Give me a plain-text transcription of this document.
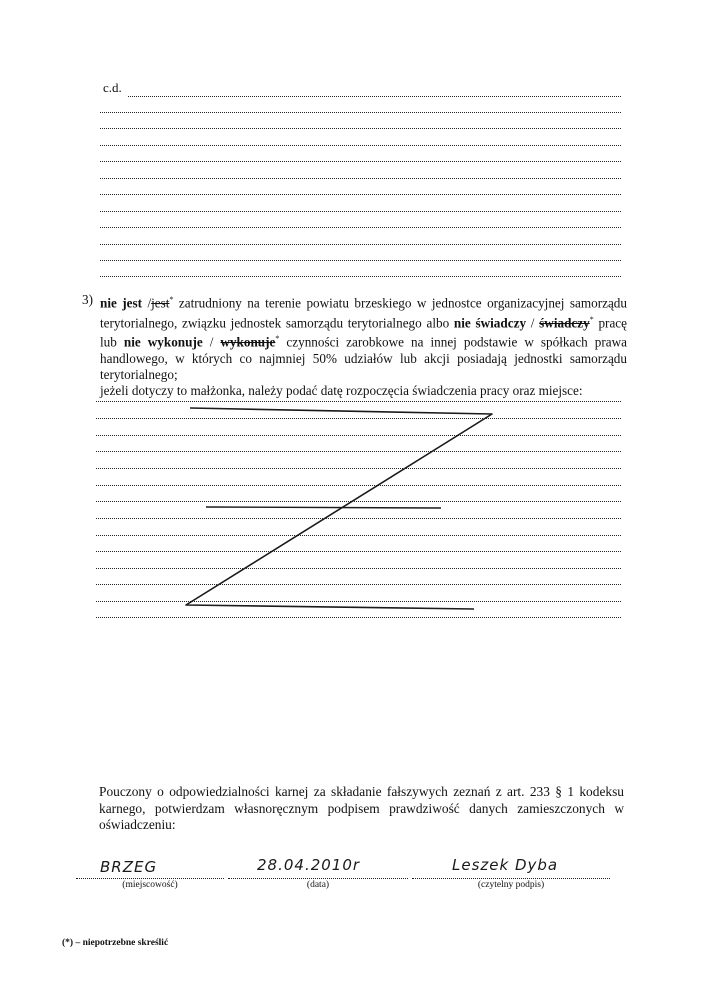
c.d.
3) nie jest /jest* zatrudniony na terenie powiatu brzeskiego w jednostce organizacyjnej samorządu terytorialnego, związku jednostek samorządu terytorialnego albo nie świadczy / świadczy* pracę lub nie wykonuje / wykonuje* czynności zarobkowe na innej podstawie w spółkach prawa handlowego, w których co najmniej 50% udziałów lub akcji posiadają jednostki samorządu terytorialnego;
jeżeli dotyczy to małżonka, należy podać datę rozpoczęcia świadczenia pracy oraz miejsce:
Pouczony o odpowiedzialności karnej za składanie fałszywych zeznań z art. 233 § 1 kodeksu karnego, potwierdzam własnoręcznym podpisem prawdziwość danych zamieszczonych w oświadczeniu:
BRZEG
(miejscowość)
28.04.2010r
(data)
Leszek Dyba
(czytelny podpis)
(*) – niepotrzebne skreślić
